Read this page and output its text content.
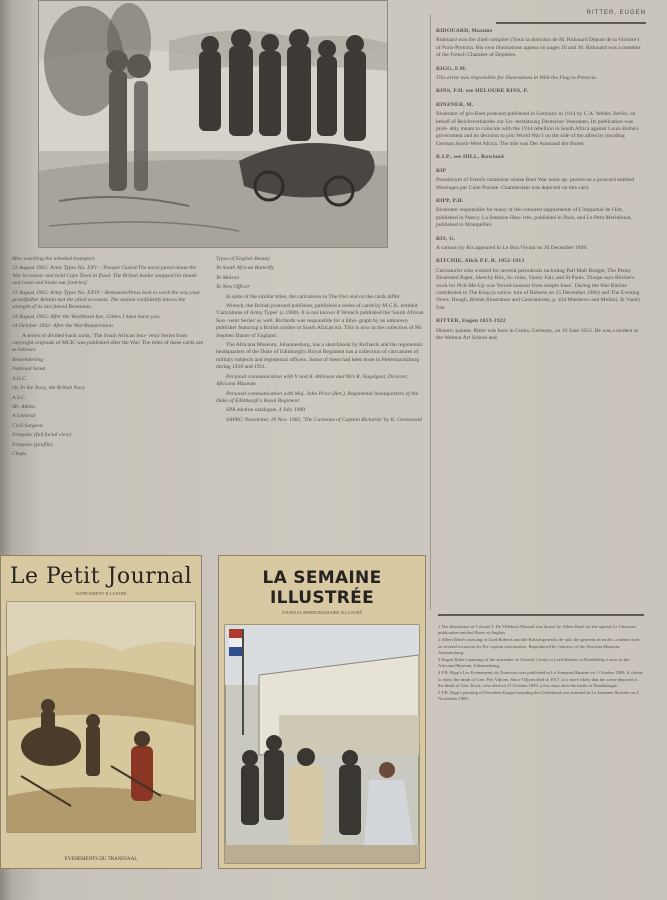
RITTER, EUGEN

Men watching the wheeled transport.

21 August 1902: Army Types No. XXV – Trooper Guard/The morn pared about the War in cosmic and hold Cape Town in flood. The British leader snapped his thumb and came and broke out [entries]

21 August 1902: Army Types No. XXVI – Remounts/Press look to work the way your grandfather Britain met the plied accounts. The station confidently knows the strength of its last famed Remounts.

24 August 1902: After the Washhood bye, Gittles I must leave you.

14 October 1902: After the War/Repatriation

A series of divided-back cards, 'The South African Sou- venir Series from copyright originals of MCK' was published after the War. The titles of these cards are as follows:

Remembering

National Scout

A D.C.

Or, In the Navy, the British Navy

A.S.C.

Mr. Atkins

A General

Civil Surgeon

Irregular (full facial view)

Irregular (profile)

Chaps

Types of English Beauty

Ye South African Butterfly

Ye Matron

Ye New Officer

In spite of the similar titles, the caricatures in The Owl and on the cards differ.

Wrench, the British postcard publisher, published a series of cards by M.C.K. entitled 'Caricatures of Army Types' (c.1900). It is not known if Wrench published the 'South African Sou- venir Series' as well. Richards was responsible for a litho- graph by an unknown publisher featuring a British soldier in South African kit. This is now in the collection of Mr Stephen Dance of England.

The Africana Museum, Johannesburg, has a sketchbook by Richards and the regimental headquarters of the Duke of Edinburgh's Royal Regiment has a collection of caricatures of military subjects and regimental officers. Some of these had been done in Pietermaritzburg during 1910 and 1911.

Personal communication with V and A. Atkinson and Mrs R. Nagelgast, Director, Africana Museum

Personal communication with Maj. John Price (Ret.), Regimental headquarters of the Duke of Edinburgh's Royal Regiment

SPA auction catalogue, 4 July 1980

SAPRG Newsletter, 10 Nov. 1983, 'The Cartoons of Captain Richards' by K. Greenwald

RIDOUARD, Maxime

Ridouard was the chief compiler ('Sous la direction de M. Ridouard Dépost de la Victoire') of Paris-Pretoria. His own illustrations appear on pages 20 and 36. Ridouard was a member of the French Chamber of Deputies.

RIGG, F.M.

This artist was responsible for illustrations in With the Flag to Pretoria.

RINS, P.H. see HELOURE RINS, P.

RINZNER, M.

Illustrator of pro-Boer postcard published in Germany in 1914 by C.A. Weller, Berlin, on behalf of Reichsverbandes zur Un- terstützung Deutscher Veteranen. Its publication was prob- ably meant to coincide with the 1914 rebellion in South Africa against Louis Botha's government and its decision to join World War I on the side of the allies by invading German South-West Africa. The title was Der Ausstand der Buren.

R.I.P., see HILL, Rowland

RIP

Pseudonym of French cartoonist whose Boer War work ap- peared on a postcard entitled Marriages par Carte Postale. Chamberlain was depicted on this card.

RIPP, P.H.

Illustrator responsible for many of the coloured supplements of L'Impartial de l'Est, published in Nancy. La Semaine Illus- trée, published in Paris, and Le Petit Meridional, published in Montpellier.

RIS, G.

A cartoon by Ris appeared in Le Bon Vivant on 30 December 1899.

RITCHIE, Alick P.F. R. 1852-1913

Caricaturist who worked for several periodicals including Pall Mall Budget, The Penny Illustrated Paper, Sketchy Bits, Ju- ridas, Vanity Fair, and St Pauls. Thorpe says Ritchie's work for Pick-Me-Up was 'forced humour from simple lines'. During the War Ritchie contributed to The King (a carica- ture of Roberts on 15 December 1900) and The Evening News. Hough, British Illustrators and Caricaturists, p. 434 Matthews and Mellini, In Vanity Fair

RITTER, Eugen 1853-1922

Historic painter. Ritter was born in Gotha, Germany, on 10 June 1853. He was a student at the Weimar Art School and

1 The illustration of Colonel J. De Villebois-Mareuil was drawn by Albert René for the special Le Charivari publication entitled Boers et Anglais.

2 Albert René's drawing of Lord Roberts and the British generals de- pict the generals as moles, a theme used on several occasions by Eu- ropean caricaturists. Reproduced by courtesy of the Africana Museum, Johannesburg.

3 Eugen Ritter's painting of the surrender of General Cronje to Lord Roberts at Paardeberg is now in the Africana Museum, Johannesburg.

4 F.R. Ripp's Les Evénements du Transvaal was published in Le Semaine Illustrée on 1 October 1899. It claims to show the death of Gen. Piet Viljoen. Since Viljoen died in 1917, it is more likely that the scene depicted is the death of Gen. Kock, who died on 31 October 1899, a few days after the battle of Elandslaagte.

5 F.R. Ripp's painting of President Kruger boarding the Gelderland was featured in La Semaine Illustrée on 4 November 1900.

Le Petit Journal
SUPPLEMENT ILLUSTRÉ
ÉVÉNEMENTS DU TRANSVAAL
LA SEMAINE ILLUSTRÉE
JOURNAL HEBDOMADAIRE ILLUSTRÉ
